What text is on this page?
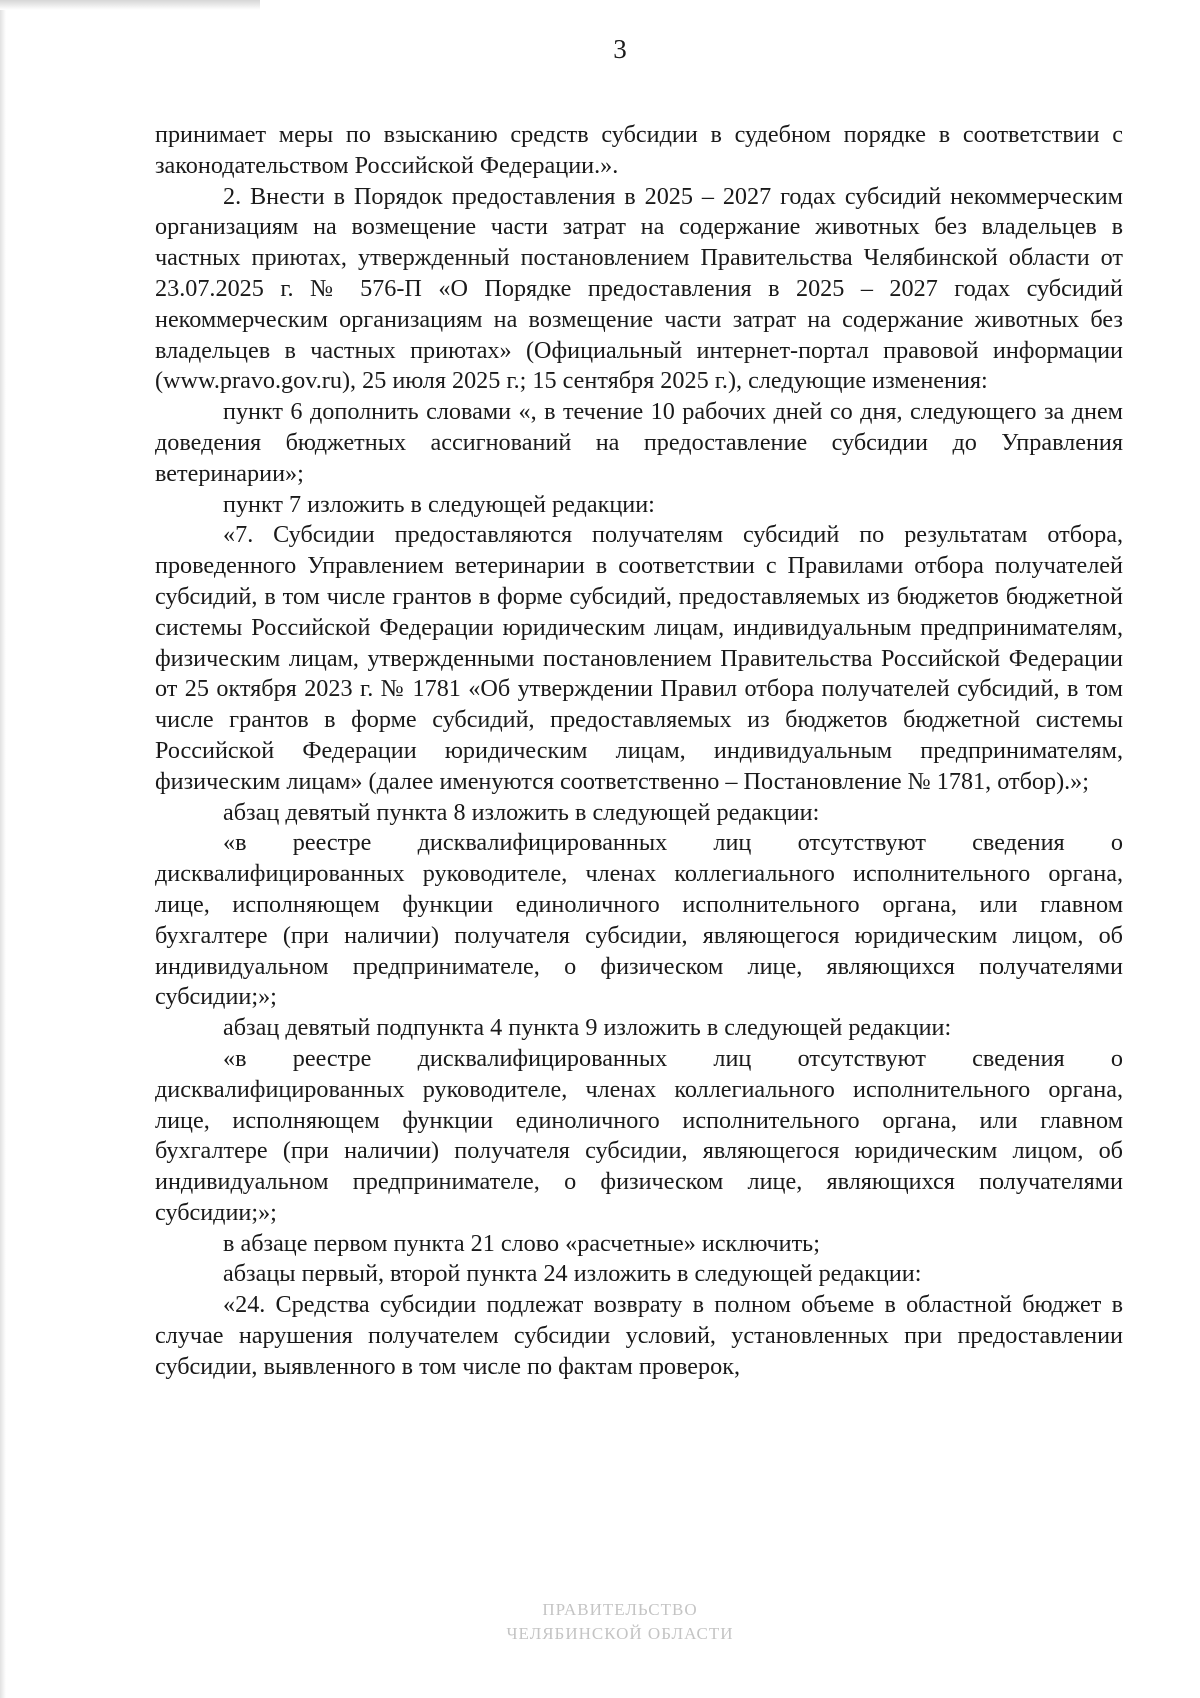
3

принимает меры по взысканию средств субсидии в судебном порядке в соответствии с законодательством Российской Федерации.».

2. Внести в Порядок предоставления в 2025 – 2027 годах субсидий некоммерческим организациям на возмещение части затрат на содержание животных без владельцев в частных приютах, утвержденный постановлением Правительства Челябинской области от 23.07.2025 г. № 576-П «О Порядке предоставления в 2025 – 2027 годах субсидий некоммерческим организациям на возмещение части затрат на содержание животных без владельцев в частных приютах» (Официальный интернет-портал правовой информации (www.pravo.gov.ru), 25 июля 2025 г.; 15 сентября 2025 г.), следующие изменения:

пункт 6 дополнить словами «, в течение 10 рабочих дней со дня, следующего за днем доведения бюджетных ассигнований на предоставление субсидии до Управления ветеринарии»;

пункт 7 изложить в следующей редакции:

«7. Субсидии предоставляются получателям субсидий по результатам отбора, проведенного Управлением ветеринарии в соответствии с Правилами отбора получателей субсидий, в том числе грантов в форме субсидий, предоставляемых из бюджетов бюджетной системы Российской Федерации юридическим лицам, индивидуальным предпринимателям, физическим лицам, утвержденными постановлением Правительства Российской Федерации от 25 октября 2023 г. № 1781 «Об утверждении Правил отбора получателей субсидий, в том числе грантов в форме субсидий, предоставляемых из бюджетов бюджетной системы Российской Федерации юридическим лицам, индивидуальным предпринимателям, физическим лицам» (далее именуются соответственно – Постановление № 1781, отбор).»;

абзац девятый пункта 8 изложить в следующей редакции:

«в реестре дисквалифицированных лиц отсутствуют сведения о дисквалифицированных руководителе, членах коллегиального исполнительного органа, лице, исполняющем функции единоличного исполнительного органа, или главном бухгалтере (при наличии) получателя субсидии, являющегося юридическим лицом, об индивидуальном предпринимателе, о физическом лице, являющихся получателями субсидии;»;

абзац девятый подпункта 4 пункта 9 изложить в следующей редакции:

«в реестре дисквалифицированных лиц отсутствуют сведения о дисквалифицированных руководителе, членах коллегиального исполнительного органа, лице, исполняющем функции единоличного исполнительного органа, или главном бухгалтере (при наличии) получателя субсидии, являющегося юридическим лицом, об индивидуальном предпринимателе, о физическом лице, являющихся получателями субсидии;»;

в абзаце первом пункта 21 слово «расчетные» исключить;

абзацы первый, второй пункта 24 изложить в следующей редакции:

«24. Средства субсидии подлежат возврату в полном объеме в областной бюджет в случае нарушения получателем субсидии условий, установленных при предоставлении субсидии, выявленного в том числе по фактам проверок,

ПРАВИТЕЛЬСТВО
ЧЕЛЯБИНСКОЙ ОБЛАСТИ
